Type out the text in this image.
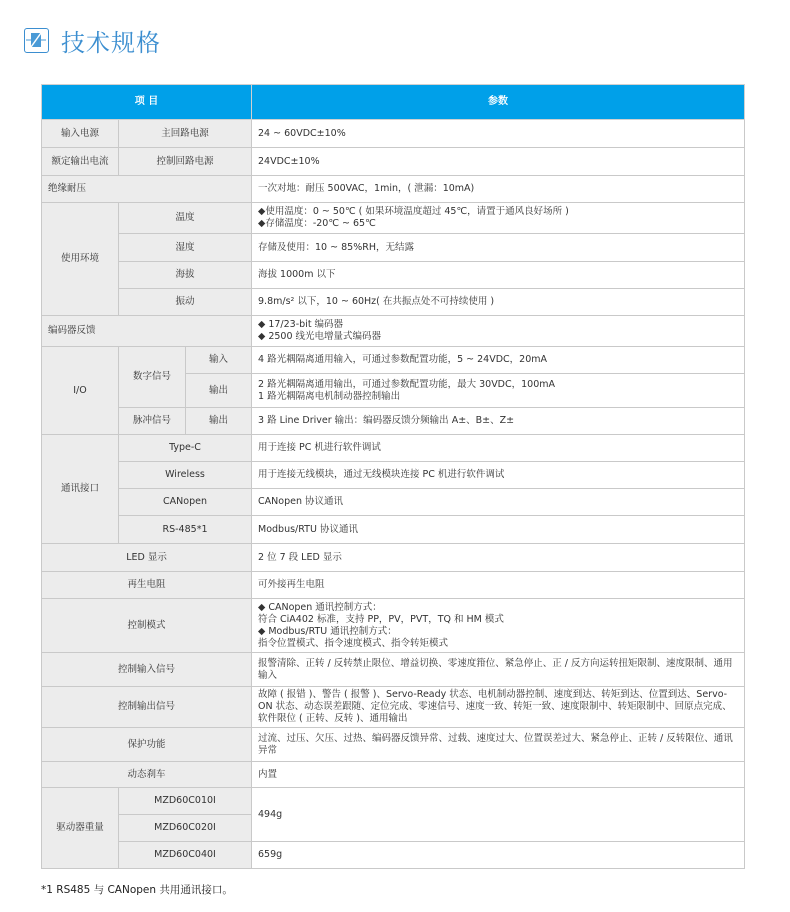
技术规格
项 目			参数
输入电源	主回路电源		24 ~ 60VDC±10%
额定输出电流	控制回路电源		24VDC±10%
绝缘耐压			一次对地：耐压 500VAC，1min，( 泄漏：10mA)
使用环境	温度		◆使用温度：0 ~ 50℃ ( 如果环境温度超过 45℃，请置于通风良好场所 )
◆存储温度：-20℃ ~ 65℃
	湿度		存储及使用：10 ~ 85%RH，无结露
	海拔		海拔 1000m 以下
	振动		9.8m/s² 以下，10 ~ 60Hz( 在共振点处不可持续使用 )
编码器反馈			◆ 17/23-bit 编码器
◆ 2500 线光电增量式编码器
I/O	数字信号	输入	4 路光耦隔离通用输入，可通过参数配置功能，5 ~ 24VDC，20mA
		输出	2 路光耦隔离通用输出，可通过参数配置功能，最大 30VDC，100mA
1 路光耦隔离电机制动器控制输出
	脉冲信号	输出	3 路 Line Driver 输出：编码器反馈分频输出 A±、B±、Z±
通讯接口	Type-C		用于连接 PC 机进行软件调试
	Wireless		用于连接无线模块，通过无线模块连接 PC 机进行软件调试
	CANopen		CANopen 协议通讯
	RS-485*1		Modbus/RTU 协议通讯
LED 显示			2 位 7 段 LED 显示
再生电阻			可外接再生电阻
控制模式			◆ CANopen 通讯控制方式：
符合 CiA402 标准，支持 PP，PV，PVT，TQ 和 HM 模式
◆ Modbus/RTU 通讯控制方式：
指令位置模式、指令速度模式、指令转矩模式
控制输入信号			报警清除、正转 / 反转禁止限位、增益切换、零速度箝位、紧急停止、正 / 反方向运转扭矩限制、速度限制、通用输入
控制输出信号			故障 ( 报错 )、警告 ( 报警 )、Servo-Ready 状态、电机制动器控制、速度到达、转矩到达、位置到达、Servo-ON 状态、动态误差跟随、定位完成、零速信号、速度一致、转矩一致、速度限制中、转矩限制中、回原点完成、软件限位 ( 正转、反转 )、通用输出
保护功能			过流、过压、欠压、过热、编码器反馈异常、过载、速度过大、位置误差过大、紧急停止、正转 / 反转限位、通讯异常
动态刹车			内置
驱动器重量	MZD60C010I		494g
	MZD60C020I		
	MZD60C040I		659g
*1 RS485 与 CANopen 共用通讯接口。
